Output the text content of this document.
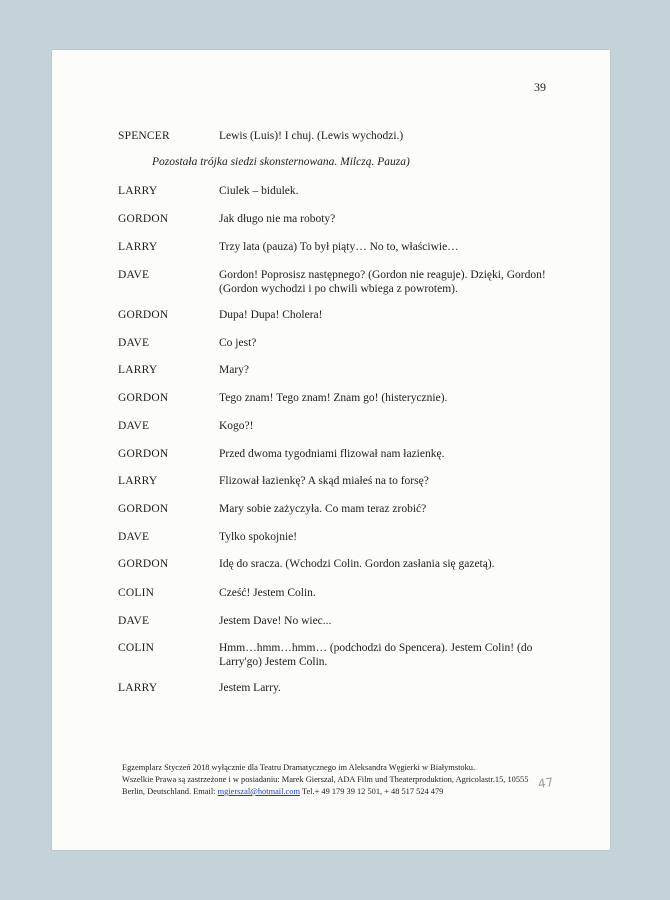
39
SPENCER	Lewis (Luis)! I chuj. (Lewis wychodzi.)
Pozostała trójka siedzi skonsternowana. Milczą. Pauza)
LARRY	Ciulek – bidulek.
GORDON	Jak długo nie ma roboty?
LARRY	Trzy lata (pauza) To był piąty… No to, właściwie…
DAVE	Gordon! Poprosisz następnego? (Gordon nie reaguje). Dzięki, Gordon! (Gordon wychodzi i po chwili wbiega z powrotem).
GORDON	Dupa! Dupa! Cholera!
DAVE	Co jest?
LARRY	Mary?
GORDON	Tego znam! Tego znam! Znam go! (histerycznie).
DAVE	Kogo?!
GORDON	Przed dwoma tygodniami flizował nam łazienkę.
LARRY	Flizował łazienkę? A skąd miałeś na to forsę?
GORDON	Mary sobie zażyczyła. Co mam teraz zrobić?
DAVE	Tylko spokojnie!
GORDON	Idę do sracza. (Wchodzi Colin. Gordon zasłania się gazetą).
COLIN	Cześć! Jestem Colin.
DAVE	Jestem Dave! No wiec...
COLIN	Hmm…hmm…hmm… (podchodzi do Spencera). Jestem Colin! (do Larry'go) Jestem Colin.
LARRY	Jestem Larry.
Egzemplarz Styczeń 2018 wyłącznie dla Teatru Dramatycznego im Aleksandra Węgierki w Białymstoku.
Wszelkie Prawa są zastrzeżone i w posiadaniu: Marek Gierszal, ADA Film und Theaterproduktion, Agricolastr.15, 10555
Berlin, Deutschland. Email: mgierszal@hotmail.com Tel.+ 49 179 39 12 501, + 48 517 524 479
47
